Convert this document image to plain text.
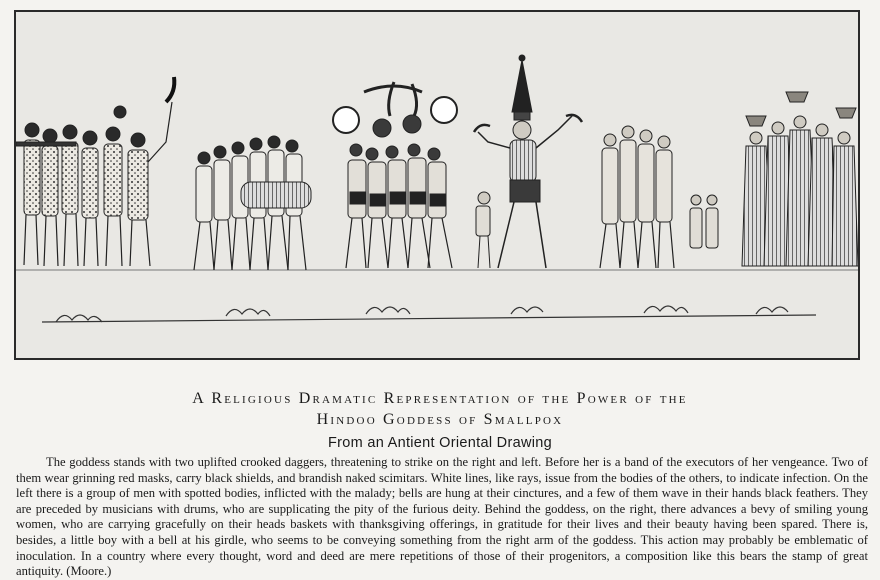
A Religious Dramatic Representation of the Power of the

Hindoo Goddess of Smallpox

From an Antient Oriental Drawing
The goddess stands with two uplifted crooked daggers, threatening to strike on the right and left. Before her is a band of the executors of her vengeance. Two of them wear grinning red masks, carry black shields, and brandish naked scimitars. White lines, like rays, issue from the bodies of the others, to indicate infection. On the left there is a group of men with spotted bodies, inflicted with the malady; bells are hung at their cinctures, and a few of them wave in their hands black feathers. They are preceded by musicians with drums, who are supplicating the pity of the furious deity. Behind the goddess, on the right, there advances a bevy of smiling young women, who are carrying gracefully on their heads baskets with thanksgiving offerings, in gratitude for their lives and their beauty having been spared. There is, besides, a little boy with a bell at his girdle, who seems to be conveying something from the right arm of the goddess. This action may probably be emblematic of inoculation. In a country where every thought, word and deed are mere repetitions of those of their progenitors, a composition like this bears the stamp of great antiquity. (Moore.)
